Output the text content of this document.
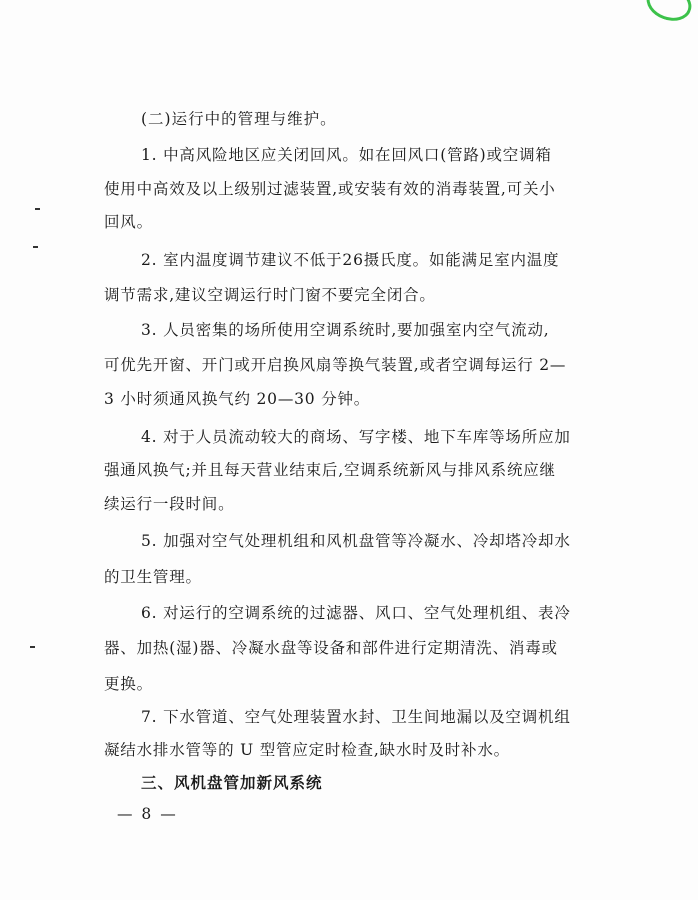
(二)运行中的管理与维护。
1. 中高风险地区应关闭回风。如在回风口(管路)或空调箱
使用中高效及以上级别过滤装置,或安装有效的消毒装置,可关小
回风。
2. 室内温度调节建议不低于26摄氏度。如能满足室内温度
调节需求,建议空调运行时门窗不要完全闭合。
3. 人员密集的场所使用空调系统时,要加强室内空气流动,
可优先开窗、开门或开启换风扇等换气装置,或者空调每运行 2—
3 小时须通风换气约 20—30 分钟。
4. 对于人员流动较大的商场、写字楼、地下车库等场所应加
强通风换气;并且每天营业结束后,空调系统新风与排风系统应继
续运行一段时间。
5. 加强对空气处理机组和风机盘管等冷凝水、冷却塔冷却水
的卫生管理。
6. 对运行的空调系统的过滤器、风口、空气处理机组、表冷
器、加热(湿)器、冷凝水盘等设备和部件进行定期清洗、消毒或
更换。
7. 下水管道、空气处理装置水封、卫生间地漏以及空调机组
凝结水排水管等的 U 型管应定时检查,缺水时及时补水。
三、风机盘管加新风系统
— 8 —
